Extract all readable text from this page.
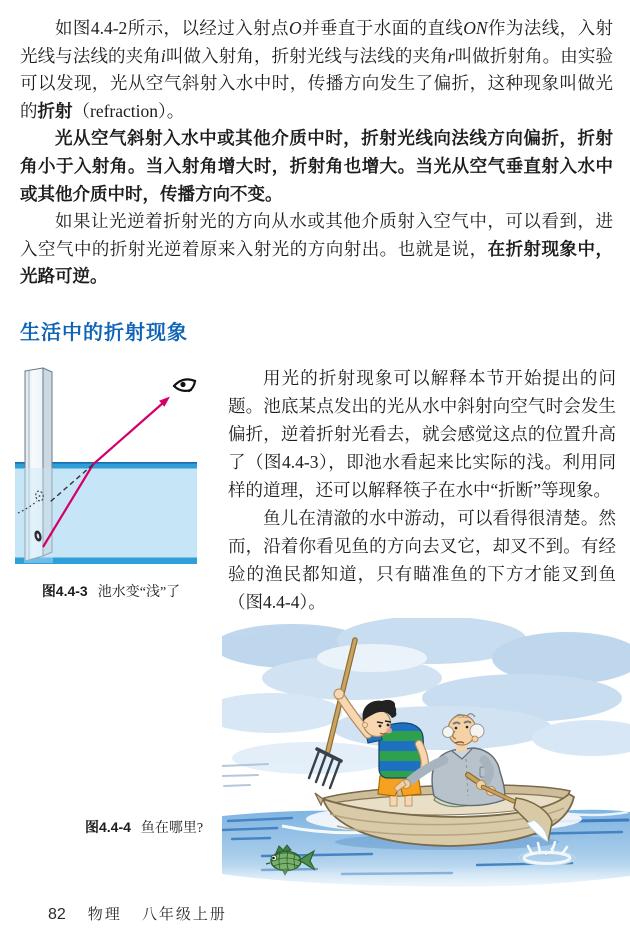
如图4.4-2所示，以经过入射点O并垂直于水面的直线ON作为法线，入射光线与法线的夹角i叫做入射角，折射光线与法线的夹角r叫做折射角。由实验可以发现，光从空气斜射入水中时，传播方向发生了偏折，这种现象叫做光的折射（refraction）。

光从空气斜射入水中或其他介质中时，折射光线向法线方向偏折，折射角小于入射角。当入射角增大时，折射角也增大。当光从空气垂直射入水中或其他介质中时，传播方向不变。

如果让光逆着折射光的方向从水或其他介质射入空气中，可以看到，进入空气中的折射光逆着原来入射光的方向射出。也就是说，在折射现象中，光路可逆。

生活中的折射现象
图4.4-3 池水变“浅”了

用光的折射现象可以解释本节开始提出的问题。池底某点发出的光从水中斜射向空气时会发生偏折，逆着折射光看去，就会感觉这点的位置升高了（图4.4-3），即池水看起来比实际的浅。利用同样的道理，还可以解释筷子在水中“折断”等现象。

鱼儿在清澈的水中游动，可以看得很清楚。然而，沿着你看见鱼的方向去叉它，却叉不到。有经验的渔民都知道，只有瞄准鱼的下方才能叉到鱼（图4.4-4）。

图4.4-4 鱼在哪里?
82 物理 八年级上册
